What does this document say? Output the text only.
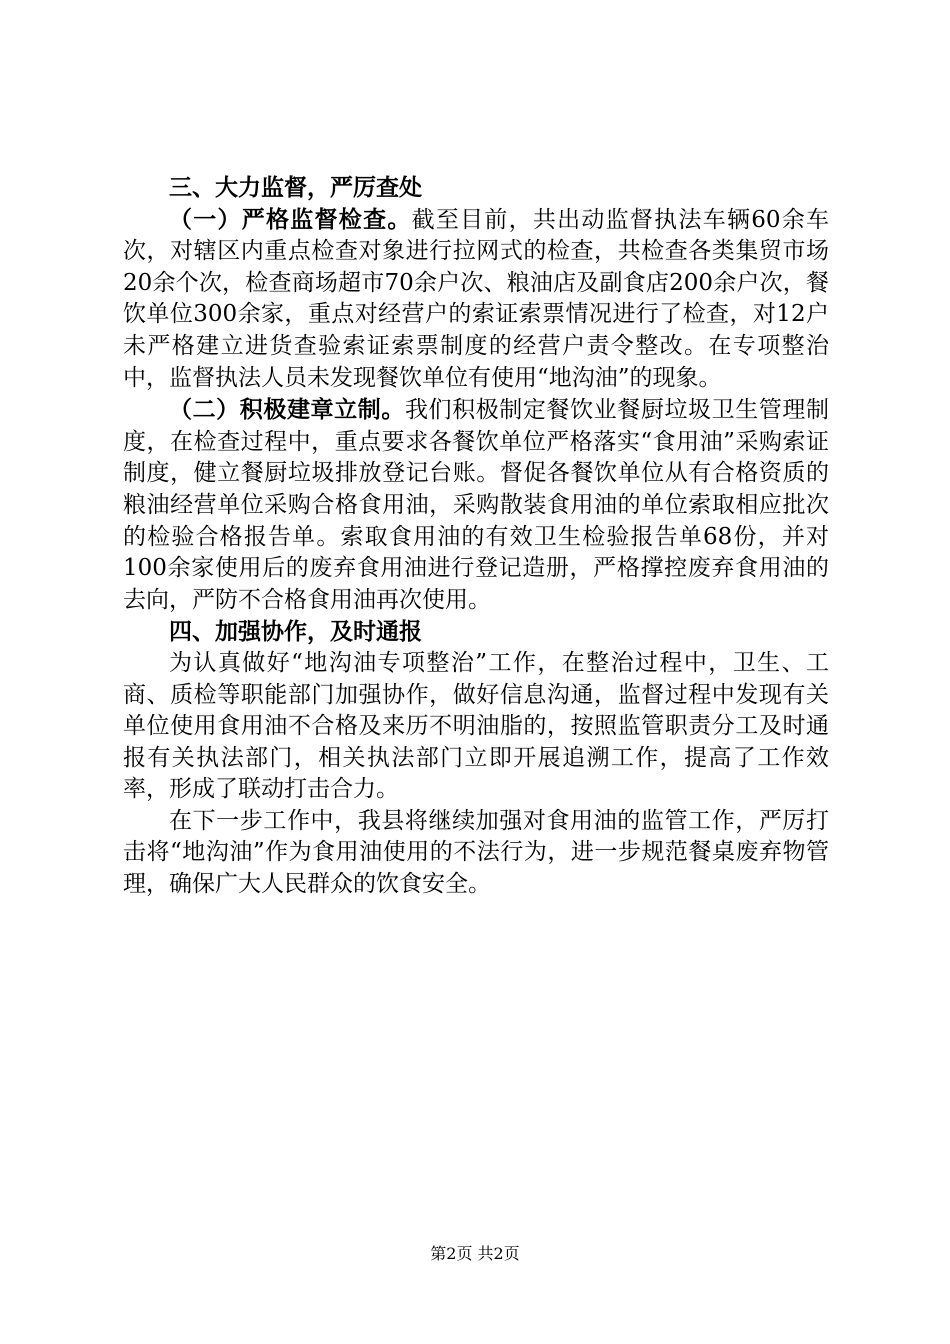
三、大力监督，严厉查处

（一）严格监督检查。截至目前，共出动监督执法车辆60余车次，对辖区内重点检查对象进行拉网式的检查，共检查各类集贸市场20余个次，检查商场超市70余户次、粮油店及副食店200余户次，餐饮单位300余家，重点对经营户的索证索票情况进行了检查，对12户未严格建立进货查验索证索票制度的经营户责令整改。在专项整治中，监督执法人员未发现餐饮单位有使用“地沟油”的现象。

（二）积极建章立制。我们积极制定餐饮业餐厨垃圾卫生管理制度，在检查过程中，重点要求各餐饮单位严格落实“食用油”采购索证制度，健立餐厨垃圾排放登记台账。督促各餐饮单位从有合格资质的粮油经营单位采购合格食用油，采购散装食用油的单位索取相应批次的检验合格报告单。索取食用油的有效卫生检验报告单68份，并对100余家使用后的废弃食用油进行登记造册，严格撑控废弃食用油的去向，严防不合格食用油再次使用。

四、加强协作，及时通报

为认真做好“地沟油专项整治”工作，在整治过程中，卫生、工商、质检等职能部门加强协作，做好信息沟通，监督过程中发现有关单位使用食用油不合格及来历不明油脂的，按照监管职责分工及时通报有关执法部门，相关执法部门立即开展追溯工作，提高了工作效率，形成了联动打击合力。

在下一步工作中，我县将继续加强对食用油的监管工作，严厉打击将“地沟油”作为食用油使用的不法行为，进一步规范餐桌废弃物管理，确保广大人民群众的饮食安全。

第2页 共2页
